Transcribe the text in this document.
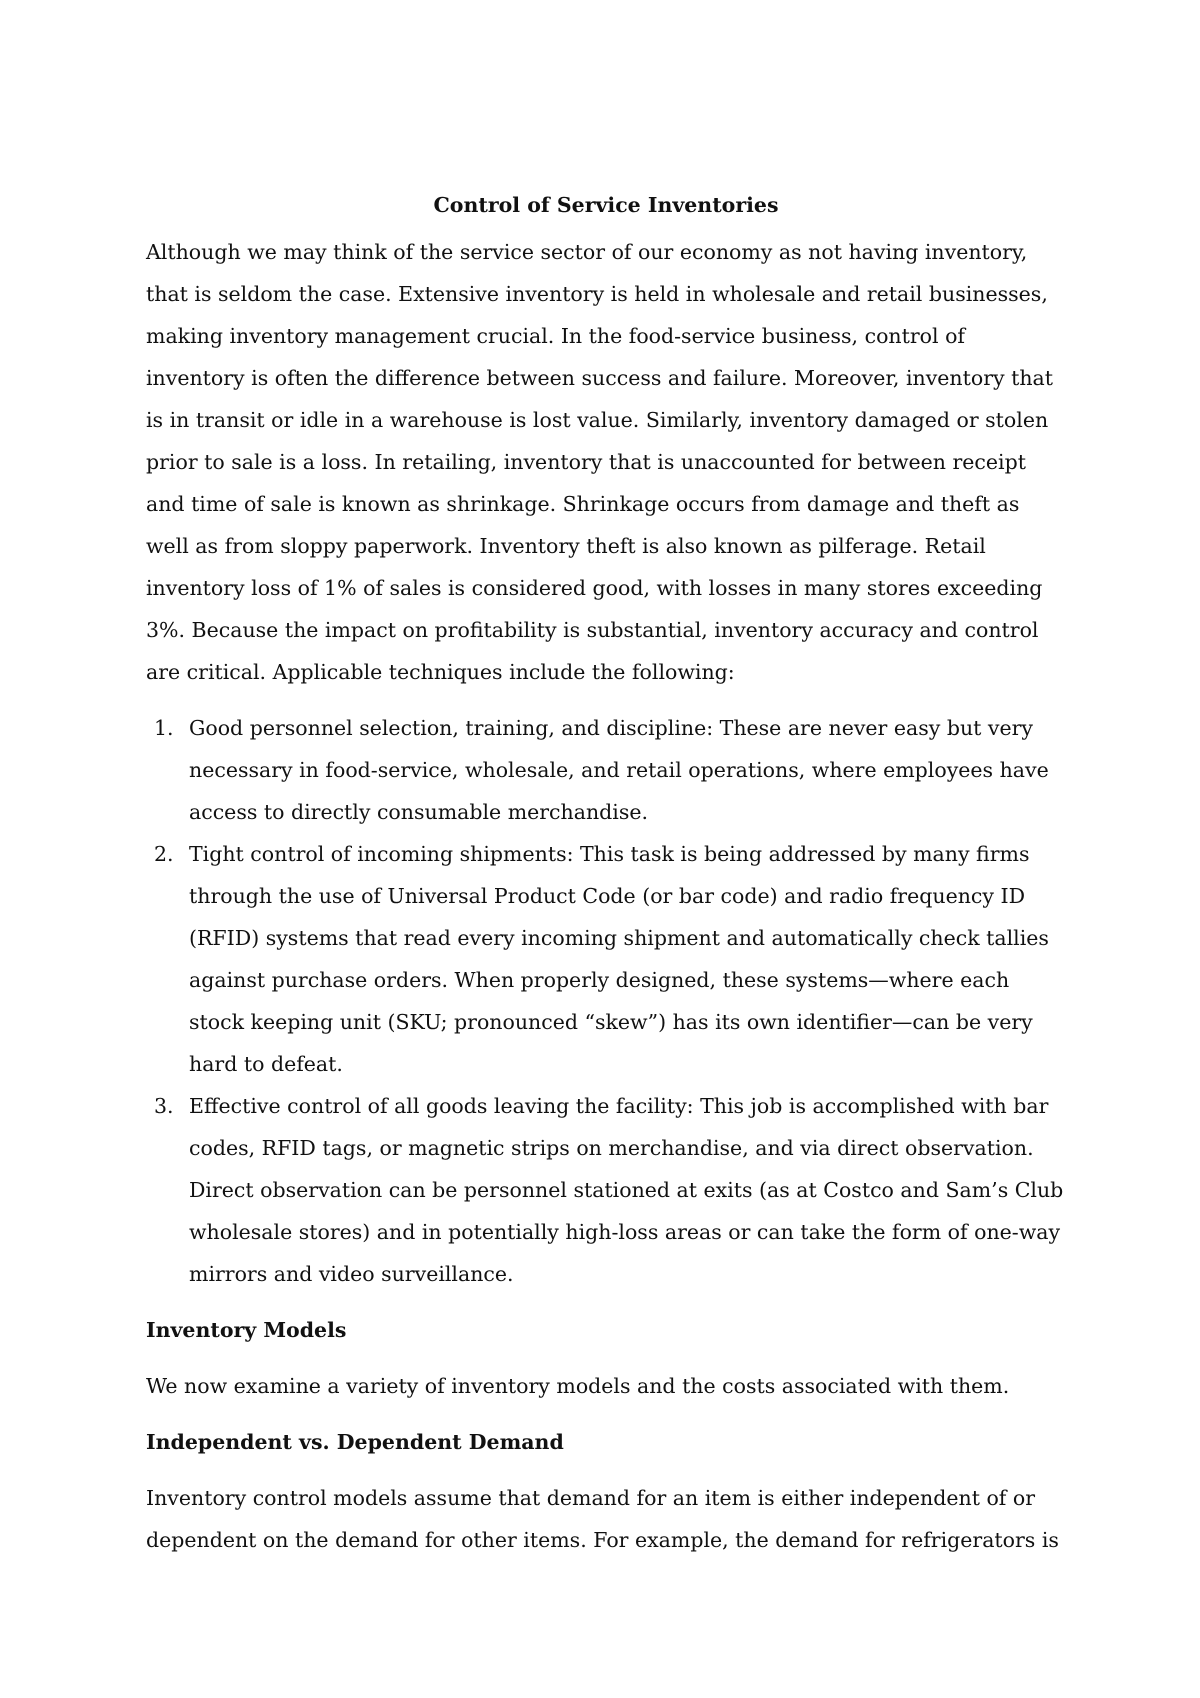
Control of Service Inventories

Although we may think of the service sector of our economy as not having inventory, that is seldom the case. Extensive inventory is held in wholesale and retail businesses, making inventory management crucial. In the food-service business, control of inventory is often the difference between success and failure. Moreover, inventory that is in transit or idle in a warehouse is lost value. Similarly, inventory damaged or stolen prior to sale is a loss. In retailing, inventory that is unaccounted for between receipt and time of sale is known as shrinkage. Shrinkage occurs from damage and theft as well as from sloppy paperwork. Inventory theft is also known as pilferage. Retail inventory loss of 1% of sales is considered good, with losses in many stores exceeding 3%. Because the impact on profitability is substantial, inventory accuracy and control are critical. Applicable techniques include the following:

1. Good personnel selection, training, and discipline: These are never easy but very necessary in food-service, wholesale, and retail operations, where employees have access to directly consumable merchandise.
2. Tight control of incoming shipments: This task is being addressed by many firms through the use of Universal Product Code (or bar code) and radio frequency ID (RFID) systems that read every incoming shipment and automatically check tallies against purchase orders. When properly designed, these systems—where each stock keeping unit (SKU; pronounced “skew”) has its own identifier—can be very hard to defeat.
3. Effective control of all goods leaving the facility: This job is accomplished with bar codes, RFID tags, or magnetic strips on merchandise, and via direct observation. Direct observation can be personnel stationed at exits (as at Costco and Sam’s Club wholesale stores) and in potentially high-loss areas or can take the form of one-way mirrors and video surveillance.
Inventory Models

We now examine a variety of inventory models and the costs associated with them.

Independent vs. Dependent Demand

Inventory control models assume that demand for an item is either independent of or dependent on the demand for other items. For example, the demand for refrigerators is
